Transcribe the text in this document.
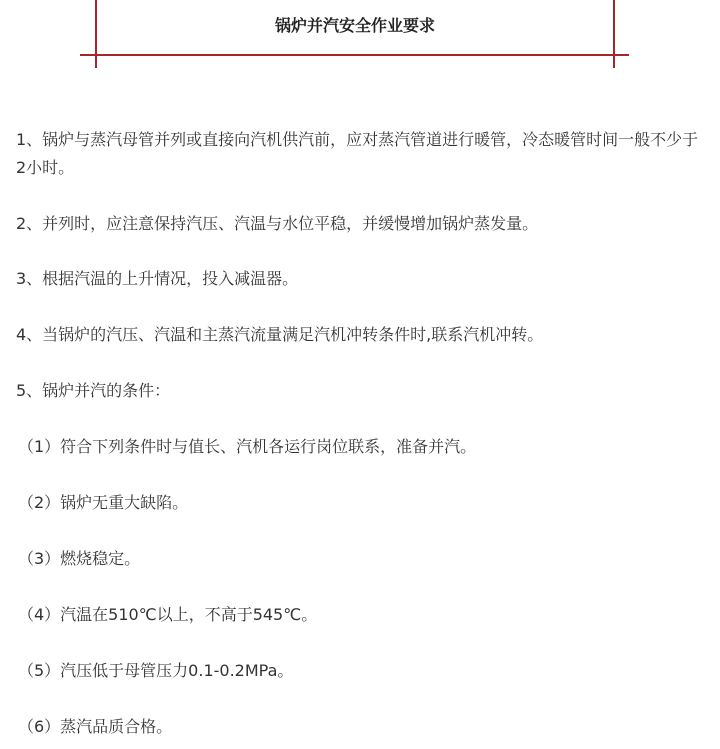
锅炉并汽安全作业要求

1、锅炉与蒸汽母管并列或直接向汽机供汽前，应对蒸汽管道进行暖管，冷态暖管时间一般不少于2小时。

2、并列时，应注意保持汽压、汽温与水位平稳，并缓慢增加锅炉蒸发量。

3、根据汽温的上升情况，投入减温器。

4、当锅炉的汽压、汽温和主蒸汽流量满足汽机冲转条件时,联系汽机冲转。

5、锅炉并汽的条件：

（1）符合下列条件时与值长、汽机各运行岗位联系，准备并汽。

（2）锅炉无重大缺陷。

（3）燃烧稳定。

（4）汽温在510℃以上，不高于545℃。

（5）汽压低于母管压力0.1-0.2MPa。

（6）蒸汽品质合格。
